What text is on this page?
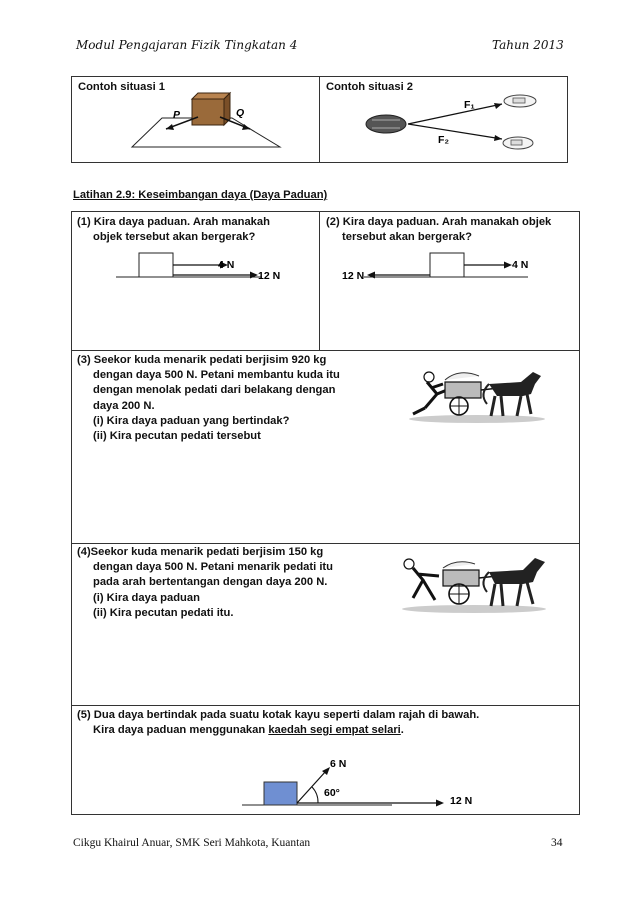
Modul Pengajaran Fizik Tingkatan 4	Tahun 2013
Contoh situasi 1	Contoh situasi 2
P	Q
F₁
F₂
Latihan 2.9: Keseimbangan daya (Daya Paduan)
(1) Kira daya paduan. Arah manakah
objek tersebut akan bergerak?
4 N
12 N
(2) Kira daya paduan. Arah manakah objek
tersebut akan bergerak?
12 N
4 N
(3) Seekor kuda menarik pedati berjisim 920 kg
dengan daya 500 N. Petani membantu kuda itu
dengan menolak pedati dari belakang dengan
daya 200 N.
(i) Kira daya paduan yang bertindak?
(ii) Kira pecutan pedati tersebut
(4)Seekor kuda menarik pedati berjisim 150 kg
dengan daya 500 N. Petani menarik pedati itu
pada arah bertentangan dengan daya 200 N.
(i) Kira daya paduan
(ii) Kira pecutan pedati itu.
(5) Dua daya bertindak pada suatu kotak kayu seperti dalam rajah di bawah.
Kira daya paduan menggunakan kaedah segi empat selari.
6 N
60°
12 N
Cikgu Khairul Anuar, SMK Seri Mahkota, Kuantan	34
